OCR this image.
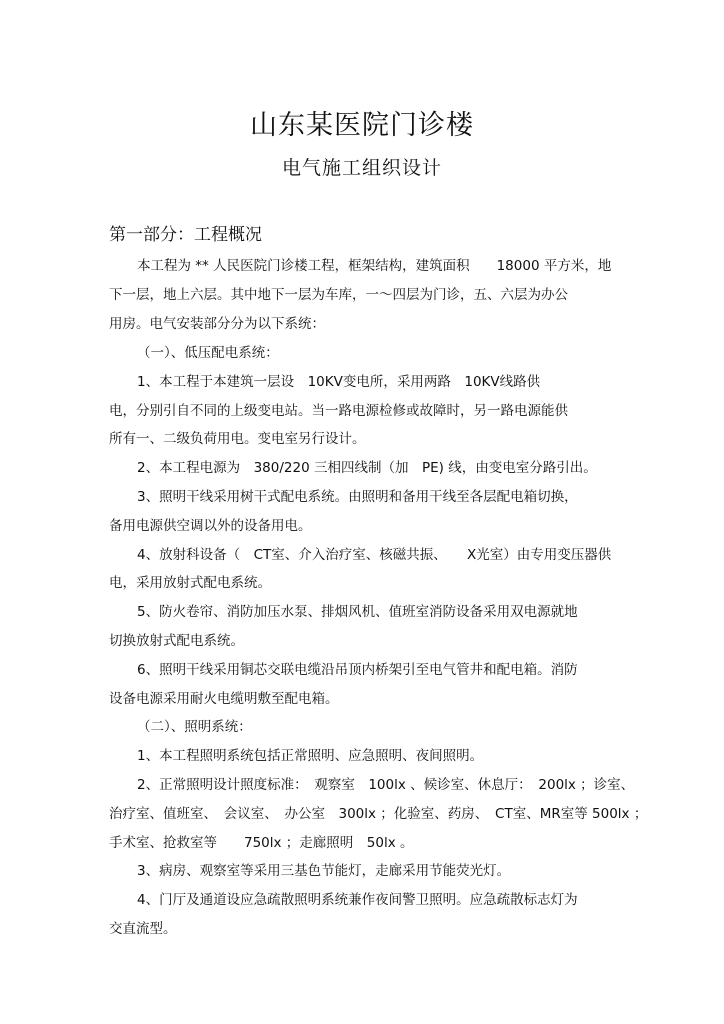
山东某医院门诊楼
电气施工组织设计
第一部分：工程概况
本工程为 ** 人民医院门诊楼工程，框架结构，建筑面积　　18000 平方米，地
下一层，地上六层。其中地下一层为车库，一～四层为门诊，五、六层为办公
用房。电气安装部分分为以下系统：
（一）、低压配电系统：
1、本工程于本建筑一层设　10KV变电所，采用两路　10KV线路供
电，分别引自不同的上级变电站。当一路电源检修或故障时，另一路电源能供
所有一、二级负荷用电。变电室另行设计。
2、本工程电源为　380/220 三相四线制（加　PE) 线，由变电室分路引出。
3、照明干线采用树干式配电系统。由照明和备用干线至各层配电箱切换，
备用电源供空调以外的设备用电。
4、放射科设备（　CT室、介入治疗室、核磁共振、　　X光室）由专用变压器供
电，采用放射式配电系统。
5、防火卷帘、消防加压水泵、排烟风机、值班室消防设备采用双电源就地
切换放射式配电系统。
6、照明干线采用铜芯交联电缆沿吊顶内桥架引至电气管井和配电箱。消防
设备电源采用耐火电缆明敷至配电箱。
（二）、照明系统：
1、本工程照明系统包括正常照明、应急照明、夜间照明。
2、正常照明设计照度标准：　观察室　100lx 、候诊室、休息厅：　200lx ；诊室、
治疗室、值班室、　会议室、　办公室　300lx ；化验室、药房、　CT室、MR室等 500lx ；
手术室、抢救室等　　750lx ；走廊照明　50lx 。
3、病房、观察室等采用三基色节能灯，走廊采用节能荧光灯。
4、门厅及通道设应急疏散照明系统兼作夜间警卫照明。应急疏散标志灯为
交直流型。
